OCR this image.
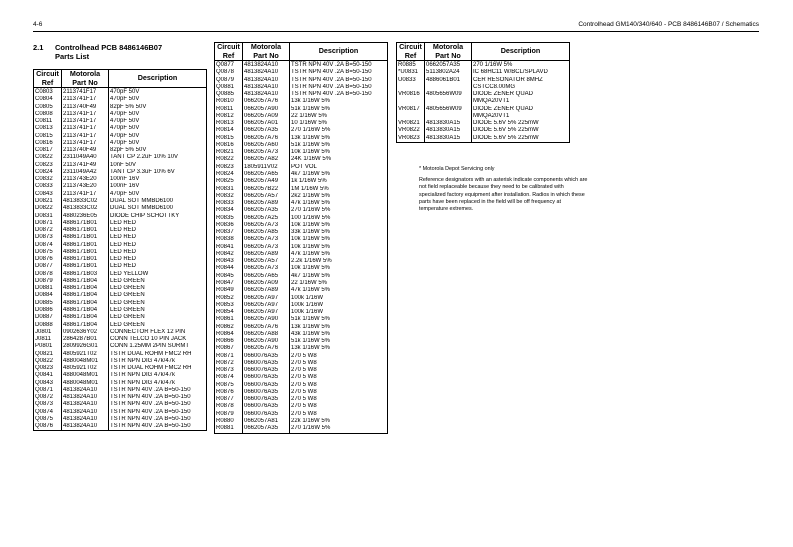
4-6	Controlhead GM140/340/640 - PCB 8486146B07 / Schematics
2.1 Controlhead PCB 8486146B07
Parts List
Circuit
Ref	Motorola
Part No	Description
C0803	2113741F17	470pF 50V
C0804	2113741F17	470pF 50V
C0805	2113740F49	82pF 5% 50V
C0808	2113741F17	470pF 50V
C0811	2113741F17	470pF 50V
C0813	2113741F17	470pF 50V
C0815	2113741F17	470pF 50V
C0816	2113741F17	470pF 50V
C0817	2113740F49	82pF 5% 50V
C0822	2311049A40	TANT CP 2.2uF 10% 10V
C0823	2113741F49	10nF 50V
C0824	2311049A42	TANT CP 3.3uF 10% 6V
C0832	2113743E20	100nF 16V
C0833	2113743E20	100nF 16V
C0843	2113741F17	470pF 50V
D0821	4813833C02	DUAL SOT MMBD6100
D0822	4813833C02	DUAL SOT MMBD6100
D0831	4880236E05	DIODE CHIP SCHOTTKY
D0871	4886171B01	LED RED
D0872	4886171B01	LED RED
D0873	4886171B01	LED RED
D0874	4886171B01	LED RED
D0875	4886171B01	LED RED
D0876	4886171B01	LED RED
D0877	4886171B01	LED RED
D0878	4886171B03	LED YELLOW
D0879	4886171B04	LED GREEN
D0881	4886171B04	LED GREEN
D0884	4886171B04	LED GREEN
D0885	4886171B04	LED GREEN
D0886	4886171B04	LED GREEN
D0887	4886171B04	LED GREEN
D0888	4886171B04	LED GREEN
J0801	0902636Y02	CONNECTOR FLEX 12 PIN
J0811	2864287B01	CONN TELCO 10 PIN JACK
P0801	2809926G01	CONN 1.25MM 2PIN SURMT
Q0821	4805921T02	TSTR DUAL ROHM FMC2 RH
Q0822	4880048M01	TSTR NPN DIG 47k/47k
Q0823	4805921T02	TSTR DUAL ROHM FMC2 RH
Q0841	4880048M01	TSTR NPN DIG 47k/47k
Q0843	4880048M01	TSTR NPN DIG 47k/47k
Q0871	4813824A10	TSTR NPN 40V .2A B=50-150
Q0872	4813824A10	TSTR NPN 40V .2A B=50-150
Q0873	4813824A10	TSTR NPN 40V .2A B=50-150
Q0874	4813824A10	TSTR NPN 40V .2A B=50-150
Q0875	4813824A10	TSTR NPN 40V .2A B=50-150
Q0876	4813824A10	TSTR NPN 40V .2A B=50-150
Circuit
Ref	Motorola
Part No	Description
Q0877	4813824A10	TSTR NPN 40V .2A B=50-150
Q0878	4813824A10	TSTR NPN 40V .2A B=50-150
Q0879	4813824A10	TSTR NPN 40V .2A B=50-150
Q0881	4813824A10	TSTR NPN 40V .2A B=50-150
Q0885	4813824A10	TSTR NPN 40V .2A B=50-150
R0810	0662057A76	13k 1/16W 5%
R0811	0662057A90	51k 1/16W 5%
R0812	0662057A09	22 1/16W 5%
R0813	0662057A01	10 1/16W 5%
R0814	0662057A35	270 1/16W 5%
R0815	0662057A76	13k 1/16W 5%
R0816	0662057A60	51k 1/16W 5%
R0821	0662057A73	10k 1/16W 5%
R0822	0662057A82	24K 1/16W 5%
R0823	1805911V02	POT VOL
R0824	0662057A65	4k7 1/16W 5%
R0825	0662057A49	1k 1/16W 5%
R0831	0662057B22	1M 1/16W 5%
R0832	0662057A57	2k2 1/16W 5%
R0833	0662057A89	47k 1/16W 5%
R0834	0662057A35	270 1/16W 5%
R0835	0662057A25	100 1/16W 5%
R0836	0662057A73	10k 1/16W 5%
R0837	0662057A85	33k 1/16W 5%
R0838	0662057A73	10k 1/16W 5%
R0841	0662057A73	10k 1/16W 5%
R0842	0662057A89	47k 1/16W 5%
R0843	0662057A57	2.2k 1/16W 5%
R0844	0662057A73	10k 1/16W 5%
R0845	0662057A65	4k7 1/16W 5%
R0847	0662057A09	22 1/16W 5%
R0849	0662057A89	47k 1/16W 5%
R0852	0662057A97	100k 1/16W
R0853	0662057A97	100k 1/16W
R0854	0662057A97	100k 1/16W
R0861	0662057A90	51k 1/16W 5%
R0862	0662057A76	13k 1/16W 5%
R0864	0662057A88	43k 1/16W 5%
R0866	0662057A90	51k 1/16W 5%
R0867	0662057A76	13k 1/16W 5%
R0871	0660076A35	270 5 W8
R0872	0660076A35	270 5 W8
R0873	0660076A35	270 5 W8
R0874	0660076A35	270 5 W8
R0875	0660076A35	270 5 W8
R0876	0660076A35	270 5 W8
R0877	0660076A35	270 5 W8
R0878	0660076A35	270 5 W8
R0879	0660076A35	270 5 W8
R0880	0662057A81	22k 1/16W 5%
R0881	0662057A35	270 1/16W 5%
Circuit
Ref	Motorola
Part No	Description
R0885	0662057A35	270 1/16W 5%
*U0831	5113802A24	IC 68HC11 W/BCL/SPLAVD
U0833	4886061B01	CER RESONATOR 8MHZ
		CSTCC8.00MG
VR0816	4805656W09	DIODE ZENER QUAD
		MMQA20VT1
VR0817	4805656W09	DIODE ZENER QUAD
		MMQA20VT1
VR0821	4813830A15	DIODE 5.6V 5% 225mW
VR0822	4813830A15	DIODE 5.6V 5% 225mW
VR0823	4813830A15	DIODE 5.6V 5% 225mW

* Motorola Depot Servicing only

Reference designators with an asterisk indicate components which are not field replaceable because they need to be calibrated with specialized factory equipment after installation. Radios in which these parts have been replaced in the field will be off frequency at temperature extremes.
